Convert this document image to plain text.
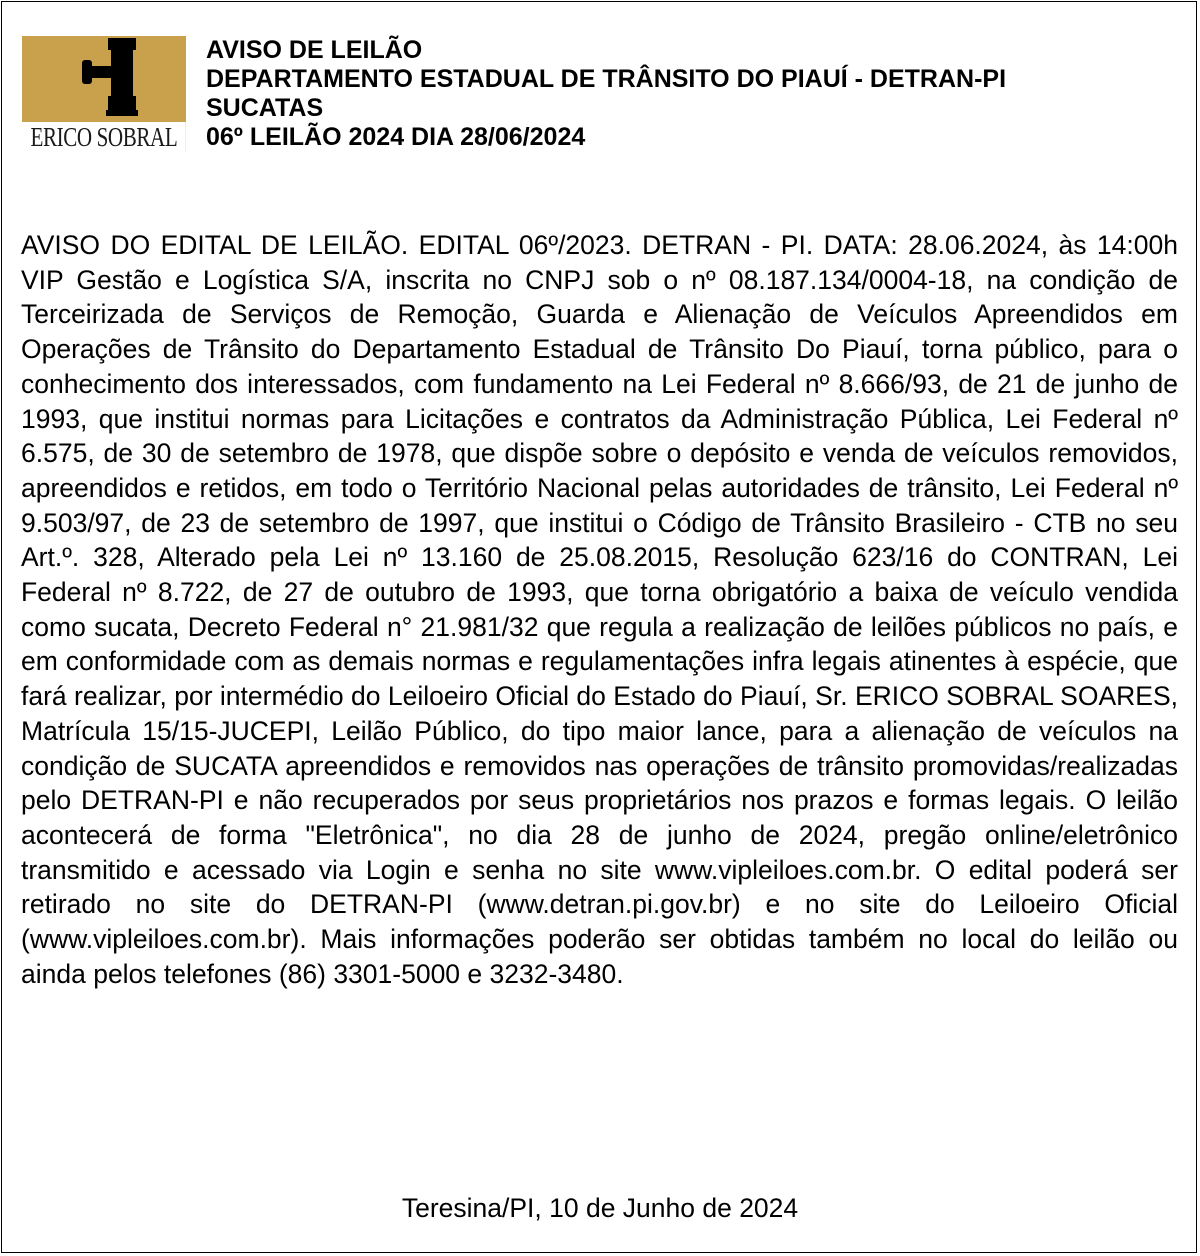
ERICO SOBRAL
AVISO DE LEILÃO
DEPARTAMENTO ESTADUAL DE TRÂNSITO DO PIAUÍ - DETRAN-PI
SUCATAS
06º LEILÃO 2024 DIA 28/06/2024
AVISO DO EDITAL DE LEILÃO. EDITAL 06º/2023. DETRAN - PI. DATA: 28.06.2024, às 14:00h VIP Gestão e Logística S/A, inscrita no CNPJ sob o nº 08.187.134/0004-18, na condição de Terceirizada de Serviços de Remoção, Guarda e Alienação de Veículos Apreendidos em Operações de Trânsito do Departamento Estadual de Trânsito Do Piauí, torna público, para o conhecimento dos interessados, com fundamento na Lei Federal nº 8.666/93, de 21 de junho de 1993, que institui normas para Licitações e contratos da Administração Pública, Lei Federal nº 6.575, de 30 de setembro de 1978, que dispõe sobre o depósito e venda de veículos removidos, apreendidos e retidos, em todo o Território Nacional pelas autoridades de trânsito, Lei Federal nº 9.503/97, de 23 de setembro de 1997, que institui o Código de Trânsito Brasileiro - CTB no seu Art.º. 328, Alterado pela Lei nº 13.160 de 25.08.2015, Resolução 623/16 do CONTRAN, Lei Federal nº 8.722, de 27 de outubro de 1993, que torna obrigatório a baixa de veículo vendida como sucata, Decreto Federal n° 21.981/32 que regula a realização de leilões públicos no país, e em conformidade com as demais normas e regulamentações infra legais atinentes à espécie, que fará realizar, por intermédio do Leiloeiro Oficial do Estado do Piauí, Sr. ERICO SOBRAL SOARES, Matrícula 15/15-JUCEPI, Leilão Público, do tipo maior lance, para a alienação de veículos na condição de SUCATA apreendidos e removidos nas operações de trânsito promovidas/realizadas pelo DETRAN-PI e não recuperados por seus proprietários nos prazos e formas legais. O leilão acontecerá de forma "Eletrônica", no dia 28 de junho de 2024, pregão online/eletrônico transmitido e acessado via Login e senha no site www.vipleiloes.com.br. O edital poderá ser retirado no site do DETRAN-PI (www.detran.pi.gov.br) e no site do Leiloeiro Oficial (www.vipleiloes.com.br). Mais informações poderão ser obtidas também no local do leilão ou ainda pelos telefones (86) 3301-5000 e 3232-3480.
Teresina/PI, 10 de Junho de 2024
